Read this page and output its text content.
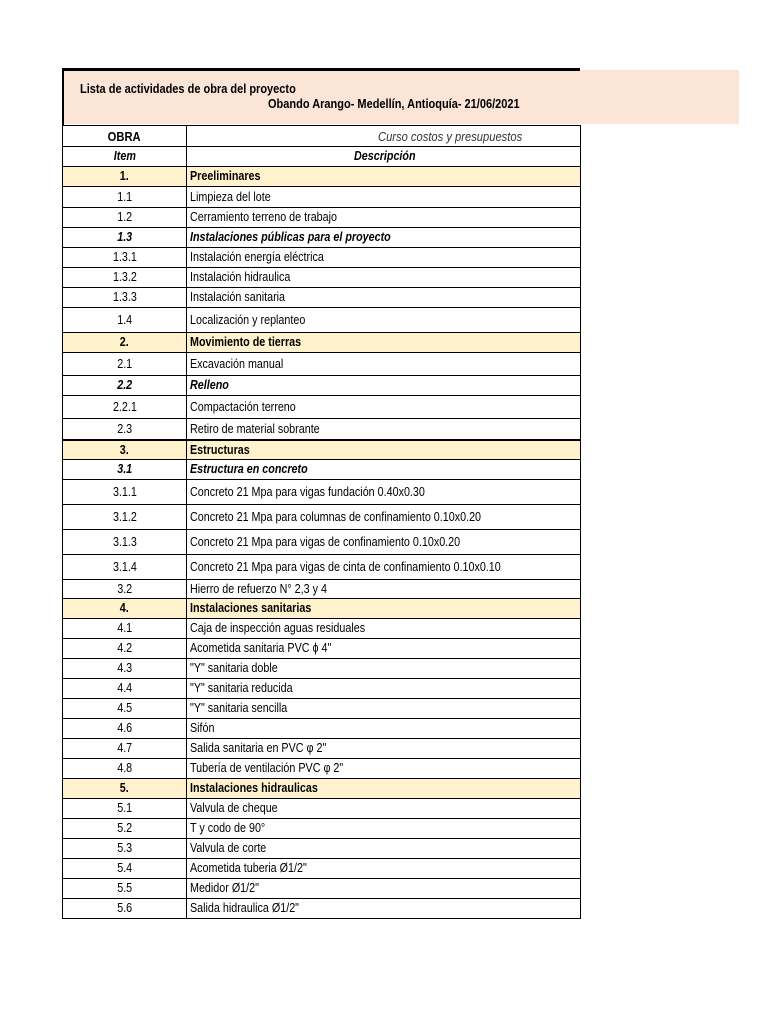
Lista de actividades de obra del proyecto
Obando Arango- Medellín, Antioquía- 21/06/2021
OBRA	Curso costos y presupuestos
Item	Descripción
1.	Preeliminares
1.1	Limpieza del lote
1.2	Cerramiento terreno de trabajo
1.3	Instalaciones públicas para el proyecto
1.3.1	Instalación energía eléctrica
1.3.2	Instalación hidraulica
1.3.3	Instalación sanitaria
1.4	Localización y replanteo
2.	Movimiento de tierras
2.1	Excavación manual
2.2	Relleno
2.2.1	Compactación terreno
2.3	Retiro de material sobrante
3.	Estructuras
3.1	Estructura en concreto
3.1.1	Concreto 21 Mpa para vigas fundación 0.40x0.30
3.1.2	Concreto 21 Mpa para columnas de confinamiento 0.10x0.20
3.1.3	Concreto 21 Mpa para vigas de confinamiento 0.10x0.20
3.1.4	Concreto 21 Mpa para vigas de cinta de confinamiento 0.10x0.10
3.2	Hierro de refuerzo N° 2,3 y 4
4.	Instalaciones sanitarias
4.1	Caja de inspección aguas residuales
4.2	Acometida sanitaria PVC ϕ 4"
4.3	"Y" sanitaria doble
4.4	"Y" sanitaria reducida
4.5	"Y" sanitaria sencilla
4.6	Sifón
4.7	Salida sanitaria en PVC φ 2"
4.8	Tubería de ventilación PVC φ 2"
5.	Instalaciones hidraulicas
5.1	Valvula de cheque
5.2	T y codo de 90°
5.3	Valvula de corte
5.4	Acometida tuberia Ø1/2"
5.5	Medidor Ø1/2"
5.6	Salida hidraulica Ø1/2"
